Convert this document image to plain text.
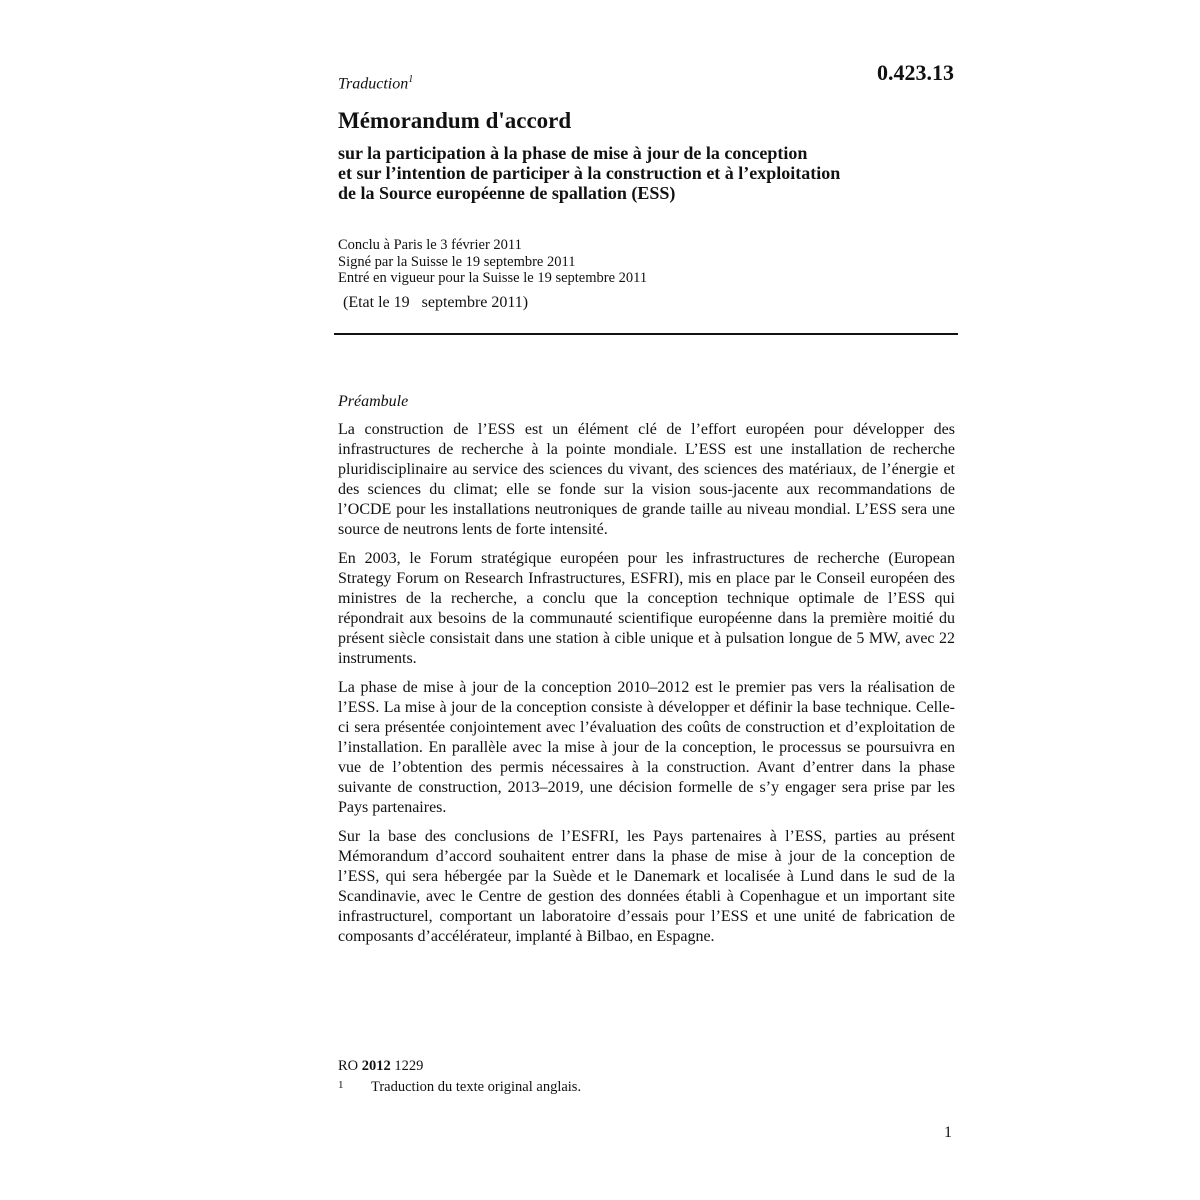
Traduction$^1$	0.423.13
Mémorandum d'accord
sur la participation à la phase de mise à jour de la conception
et sur l’intention de participer à la construction et à l’exploitation
de la Source européenne de spallation (ESS)
Conclu à Paris le 3 février 2011
Signé par la Suisse le 19 septembre 2011
Entré en vigueur pour la Suisse le 19 septembre 2011
(Etat le 19   septembre 2011)
Préambule

La construction de l’ESS est un élément clé de l’effort européen pour développer des infrastructures de recherche à la pointe mondiale. L’ESS est une installation de recherche pluridisciplinaire au service des sciences du vivant, des sciences des matériaux, de l’énergie et des sciences du climat; elle se fonde sur la vision sous-jacente aux recommandations de l’OCDE pour les installations neutroniques de grande taille au niveau mondial. L’ESS sera une source de neutrons lents de forte intensité.

En 2003, le Forum stratégique européen pour les infrastructures de recherche (European Strategy Forum on Research Infrastructures, ESFRI), mis en place par le Conseil européen des ministres de la recherche, a conclu que la conception technique optimale de l’ESS qui répondrait aux besoins de la communauté scientifique européenne dans la première moitié du présent siècle consistait dans une station à cible unique et à pulsation longue de 5 MW, avec 22 instruments.

La phase de mise à jour de la conception 2010–2012 est le premier pas vers la réalisation de l’ESS. La mise à jour de la conception consiste à développer et définir la base technique. Celle-ci sera présentée conjointement avec l’évaluation des coûts de construction et d’exploitation de l’installation. En parallèle avec la mise à jour de la conception, le processus se poursuivra en vue de l’obtention des permis nécessaires à la construction. Avant d’entrer dans la phase suivante de construction, 2013–2019, une décision formelle de s’y engager sera prise par les Pays partenaires.

Sur la base des conclusions de l’ESFRI, les Pays partenaires à l’ESS, parties au présent Mémorandum d’accord souhaitent entrer dans la phase de mise à jour de la conception de l’ESS, qui sera hébergée par la Suède et le Danemark et localisée à Lund dans le sud de la Scandinavie, avec le Centre de gestion des données établi à Copenhague et un important site infrastructurel, comportant un laboratoire d’essais pour l’ESS et une unité de fabrication de composants d’accélérateur, implanté à Bilbao, en Espagne.

RO 2012 1229
1 Traduction du texte original anglais.
1
